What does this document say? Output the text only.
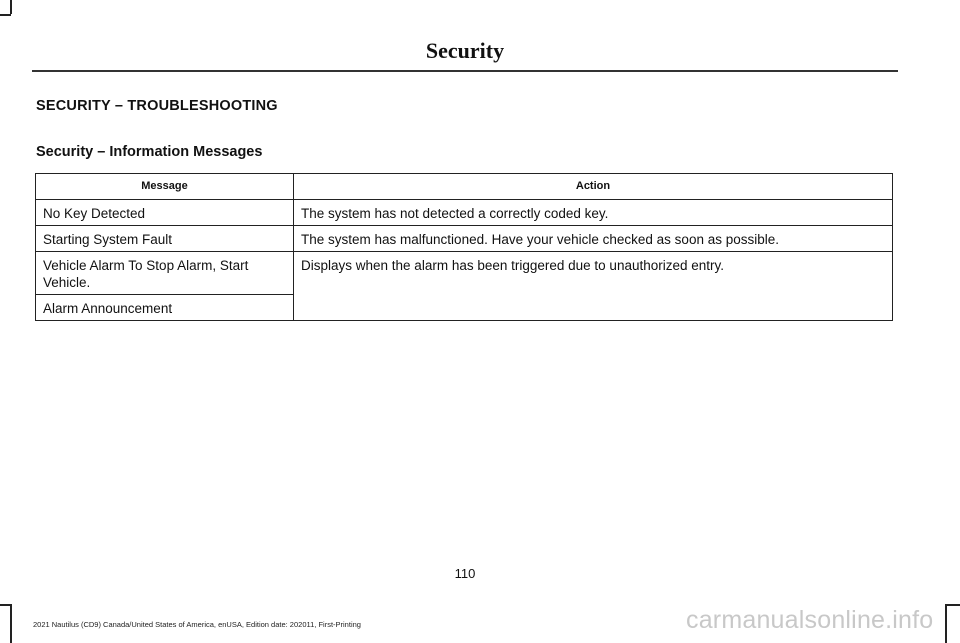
Security
SECURITY – TROUBLESHOOTING
Security – Information Messages
Message	Action
No Key Detected	The system has not detected a correctly coded key.
Starting System Fault	The system has malfunctioned. Have your vehicle checked as soon as possible.
Vehicle Alarm To Stop Alarm, Start Vehicle.	Displays when the alarm has been triggered due to unauthorized entry.
Alarm Announcement	
110
2021 Nautilus (CD9) Canada/United States of America, enUSA, Edition date: 202011, First-Printing	carmanualsonline.info
